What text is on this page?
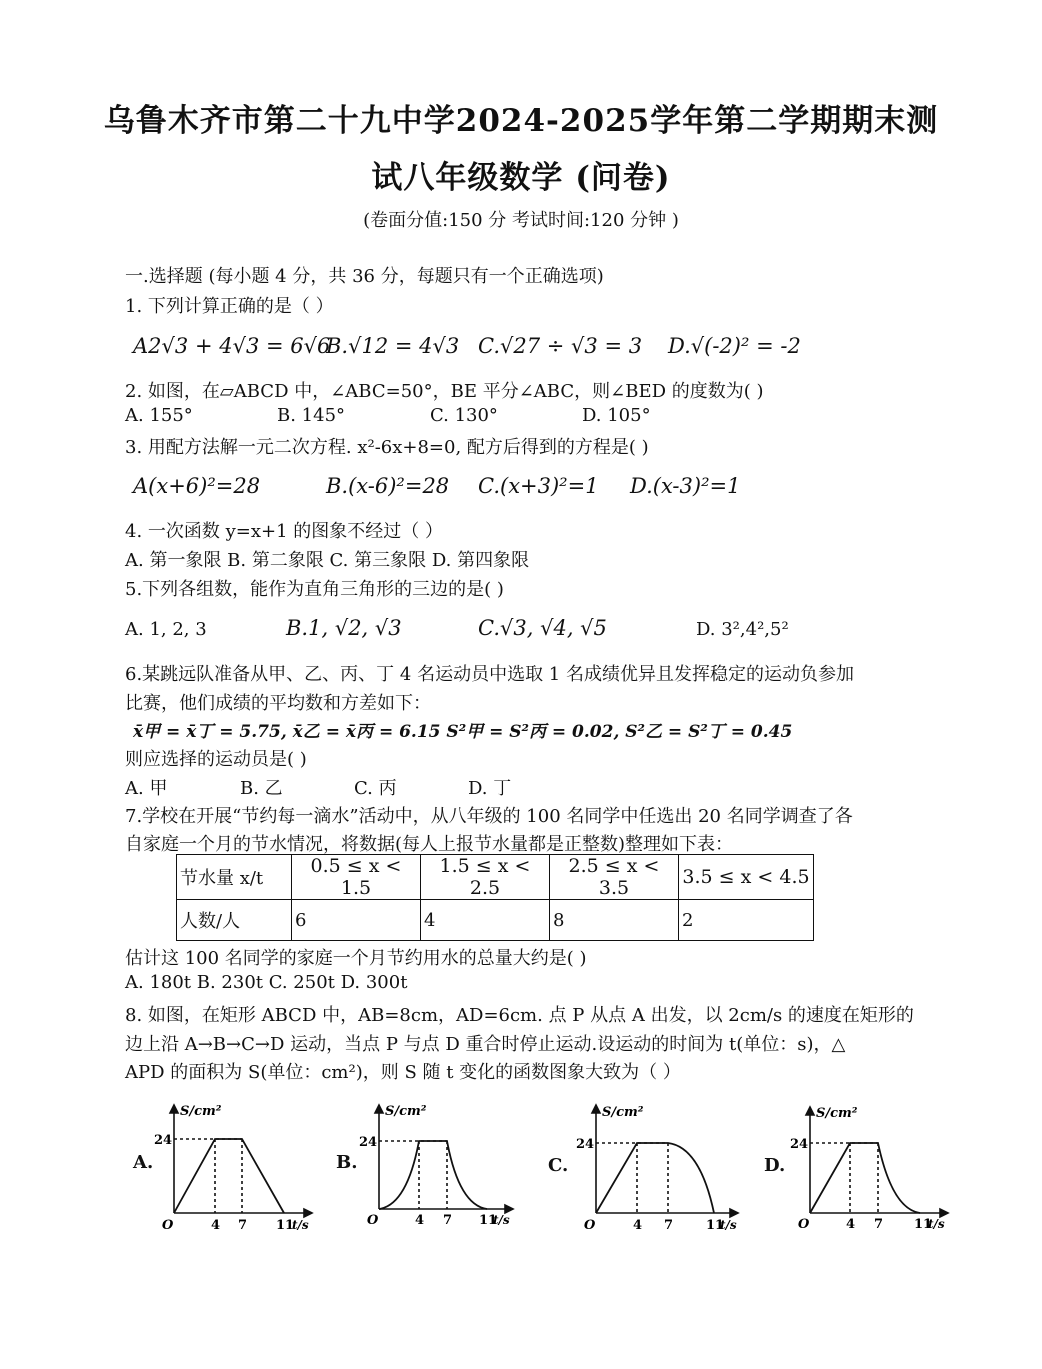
乌鲁木齐市第二十九中学2024-2025学年第二学期期末测
试八年级数学 (问卷)
(卷面分值:150 分 考试时间:120 分钟 )
一.选择题 (每小题 4 分，共 36 分，每题只有一个正确选项)
1. 下列计算正确的是（ ）
A2√3 + 4√3 = 6√6
B.√12 = 4√3 C.√27 ÷ √3 = 3 D.√(-2)² = -2
2. 如图，在▱ABCD 中，∠ABC=50°，BE 平分∠ABC，则∠BED 的度数为( )
A. 155°	B. 145°	C. 130°	D. 105°
3. 用配方法解一元二次方程. x²-6x+8=0, 配方后得到的方程是( )
A(x+6)²=28	B.(x-6)²=28 C.(x+3)²=1 D.(x-3)²=1
4. 一次函数 y=x+1 的图象不经过（ ）
A. 第一象限 B. 第二象限 C. 第三象限 D. 第四象限
5.下列各组数，能作为直角三角形的三边的是( )
A. 1, 2, 3	B.1, √2, √3	C.√3, √4, √5	D. 3²,4²,5²
6.某跳远队准备从甲、乙、丙、丁 4 名运动员中选取 1 名成绩优异且发挥稳定的运动负参加
比赛，他们成绩的平均数和方差如下：
x̄甲 = x̄丁 = 5.75, x̄乙 = x̄丙 = 6.15 S²甲 = S²丙 = 0.02, S²乙 = S²丁 = 0.45
则应选择的运动员是( )
A. 甲	B. 乙	C. 丙	D. 丁
7.学校在开展“节约每一滴水”活动中，从八年级的 100 名同学中任选出 20 名同学调查了各
自家庭一个月的节水情况，将数据(每人上报节水量都是正整数)整理如下表：
节水量 x/t	0.5 ≤ x < 1.5	1.5 ≤ x < 2.5	2.5 ≤ x < 3.5	3.5 ≤ x < 4.5
人数/人	6	4	8	2
估计这 100 名同学的家庭一个月节约用水的总量大约是( )
A. 180t B. 230t C. 250t D. 300t
8. 如图，在矩形 ABCD 中，AB=8cm，AD=6cm. 点 P 从点 A 出发，以 2cm/s 的速度在矩形的
边上沿 A→B→C→D 运动，当点 P 与点 D 重合时停止运动.设运动的时间为 t(单位：s)，△
APD 的面积为 S(单位：cm²)，则 S 随 t 变化的函数图象大致为（ ）
A.
S/cm²
24
O	4 7 11
t/s
B.
S/cm²
24
O	4 7 11
t/s
C.
S/cm²
24
O	4 7	11
t/s
D.
S/cm²
24
O	4 7 11
t/s
